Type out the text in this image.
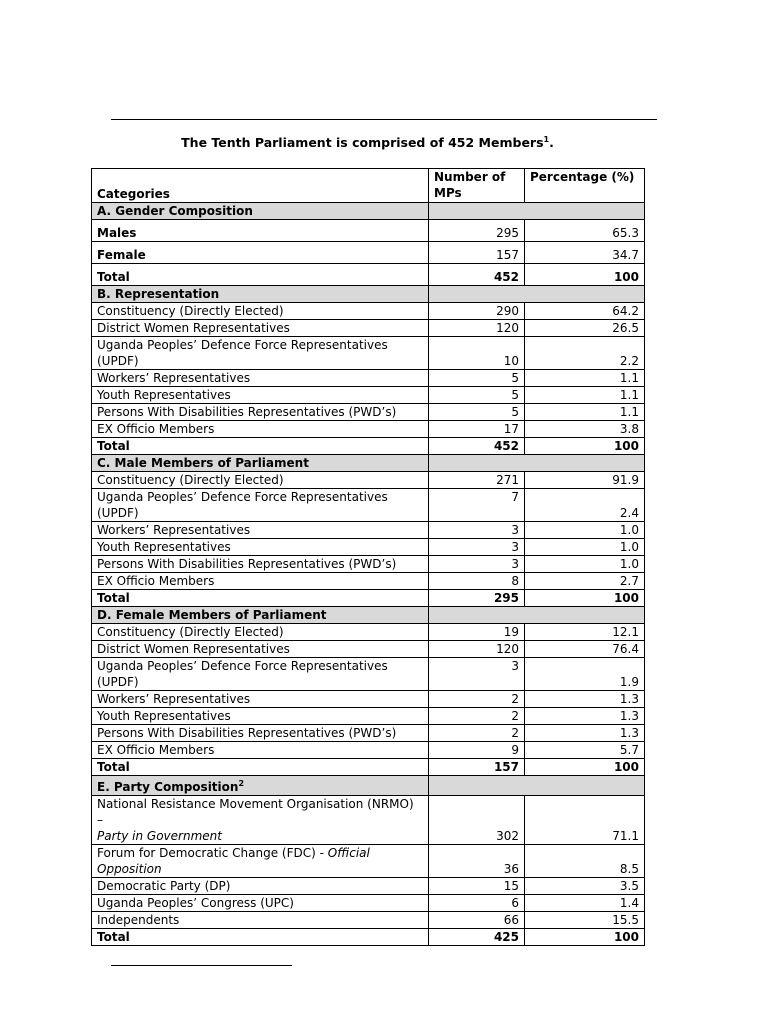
The Tenth Parliament is comprised of 452 Members$^1$.
Categories	Number of MPs	Percentage (%)
A. Gender Composition		
Males	295	65.3
Female	157	34.7
Total	452	100
B. Representation		
Constituency (Directly Elected)	290	64.2
District Women Representatives	120	26.5
Uganda Peoples’ Defence Force Representatives (UPDF)	10	2.2
Workers’ Representatives	5	1.1
Youth Representatives	5	1.1
Persons With Disabilities Representatives (PWD’s)	5	1.1
EX Officio Members	17	3.8
Total	452	100
C. Male Members of Parliament		
Constituency (Directly Elected)	271	91.9
Uganda Peoples’ Defence Force Representatives (UPDF)	7	2.4
Workers’ Representatives	3	1.0
Youth Representatives	3	1.0
Persons With Disabilities Representatives (PWD’s)	3	1.0
EX Officio Members	8	2.7
Total	295	100
D. Female Members of Parliament		
Constituency (Directly Elected)	19	12.1
District Women Representatives	120	76.4
Uganda Peoples’ Defence Force Representatives (UPDF)	3	1.9
Workers’ Representatives	2	1.3
Youth Representatives	2	1.3
Persons With Disabilities Representatives (PWD’s)	2	1.3
EX Officio Members	9	5.7
Total	157	100
E. Party Composition$^2$	
National Resistance Movement Organisation (NRMO) –
Party in Government	302	71.1
Forum for Democratic Change (FDC) - Official Opposition	36	8.5
Democratic Party (DP)	15	3.5
Uganda Peoples’ Congress (UPC)	6	1.4
Independents	66	15.5
Total	425	100
